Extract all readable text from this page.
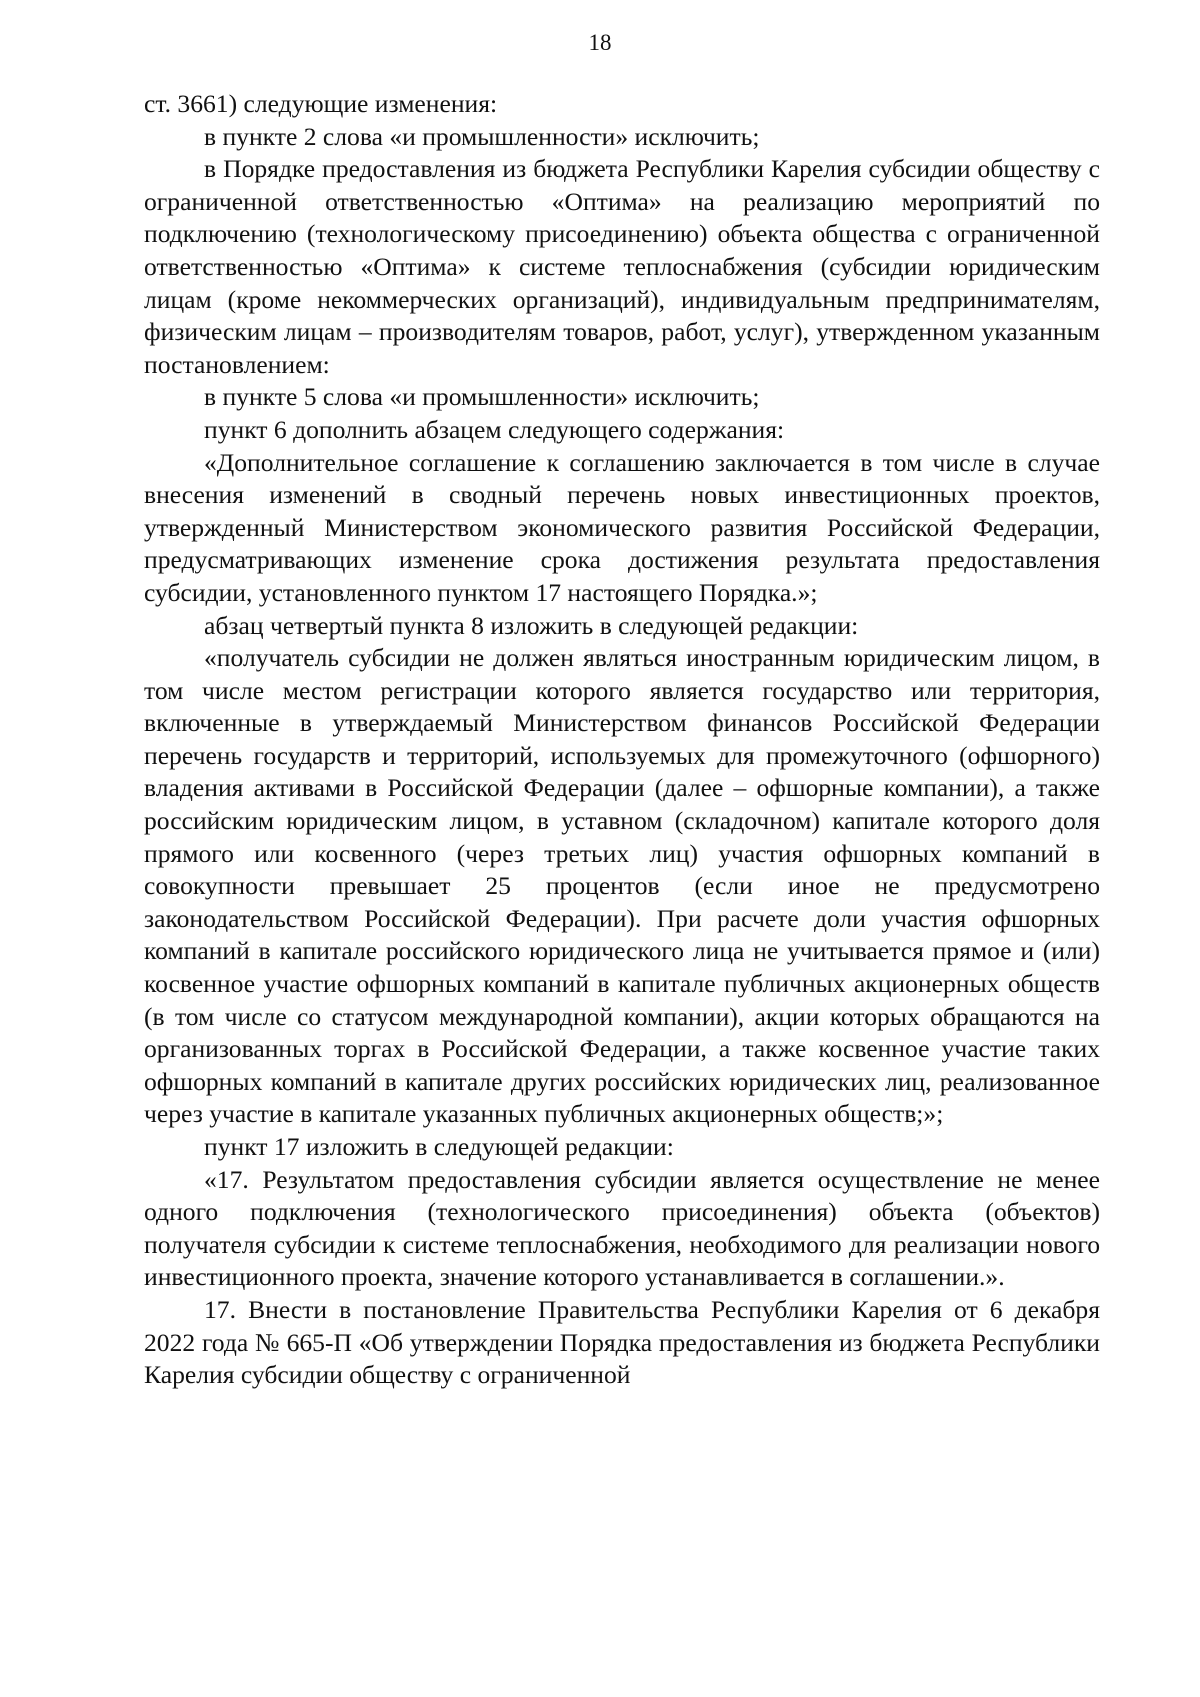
18

ст. 3661) следующие изменения:

в пункте 2 слова «и промышленности» исключить;

в Порядке предоставления из бюджета Республики Карелия субсидии обществу с ограниченной ответственностью «Оптима» на реализацию мероприятий по подключению (технологическому присоединению) объекта общества с ограниченной ответственностью «Оптима» к системе теплоснабжения (субсидии юридическим лицам (кроме некоммерческих организаций), индивидуальным предпринимателям, физическим лицам – производителям товаров, работ, услуг), утвержденном указанным постановлением:

в пункте 5 слова «и промышленности» исключить;

пункт 6 дополнить абзацем следующего содержания:

«Дополнительное соглашение к соглашению заключается в том числе в случае внесения изменений в сводный перечень новых инвестиционных проектов, утвержденный Министерством экономического развития Российской Федерации, предусматривающих изменение срока достижения результата предоставления субсидии, установленного пунктом 17 настоящего Порядка.»;

абзац четвертый пункта 8 изложить в следующей редакции:

«получатель субсидии не должен являться иностранным юридическим лицом, в том числе местом регистрации которого является государство или территория, включенные в утверждаемый Министерством финансов Российской Федерации перечень государств и территорий, используемых для промежуточного (офшорного) владения активами в Российской Федерации (далее – офшорные компании), а также российским юридическим лицом, в уставном (складочном) капитале которого доля прямого или косвенного (через третьих лиц) участия офшорных компаний в совокупности превышает 25 процентов (если иное не предусмотрено законодательством Российской Федерации). При расчете доли участия офшорных компаний в капитале российского юридического лица не учитывается прямое и (или) косвенное участие офшорных компаний в капитале публичных акционерных обществ (в том числе со статусом международной компании), акции которых обращаются на организованных торгах в Российской Федерации, а также косвенное участие таких офшорных компаний в капитале других российских юридических лиц, реализованное через участие в капитале указанных публичных акционерных обществ;»;

пункт 17 изложить в следующей редакции:

«17. Результатом предоставления субсидии является осуществление не менее одного подключения (технологического присоединения) объекта (объектов) получателя субсидии к системе теплоснабжения, необходимого для реализации нового инвестиционного проекта, значение которого устанавливается в соглашении.».

17. Внести в постановление Правительства Республики Карелия от 6 декабря 2022 года № 665-П «Об утверждении Порядка предоставления из бюджета Республики Карелия субсидии обществу с ограниченной
